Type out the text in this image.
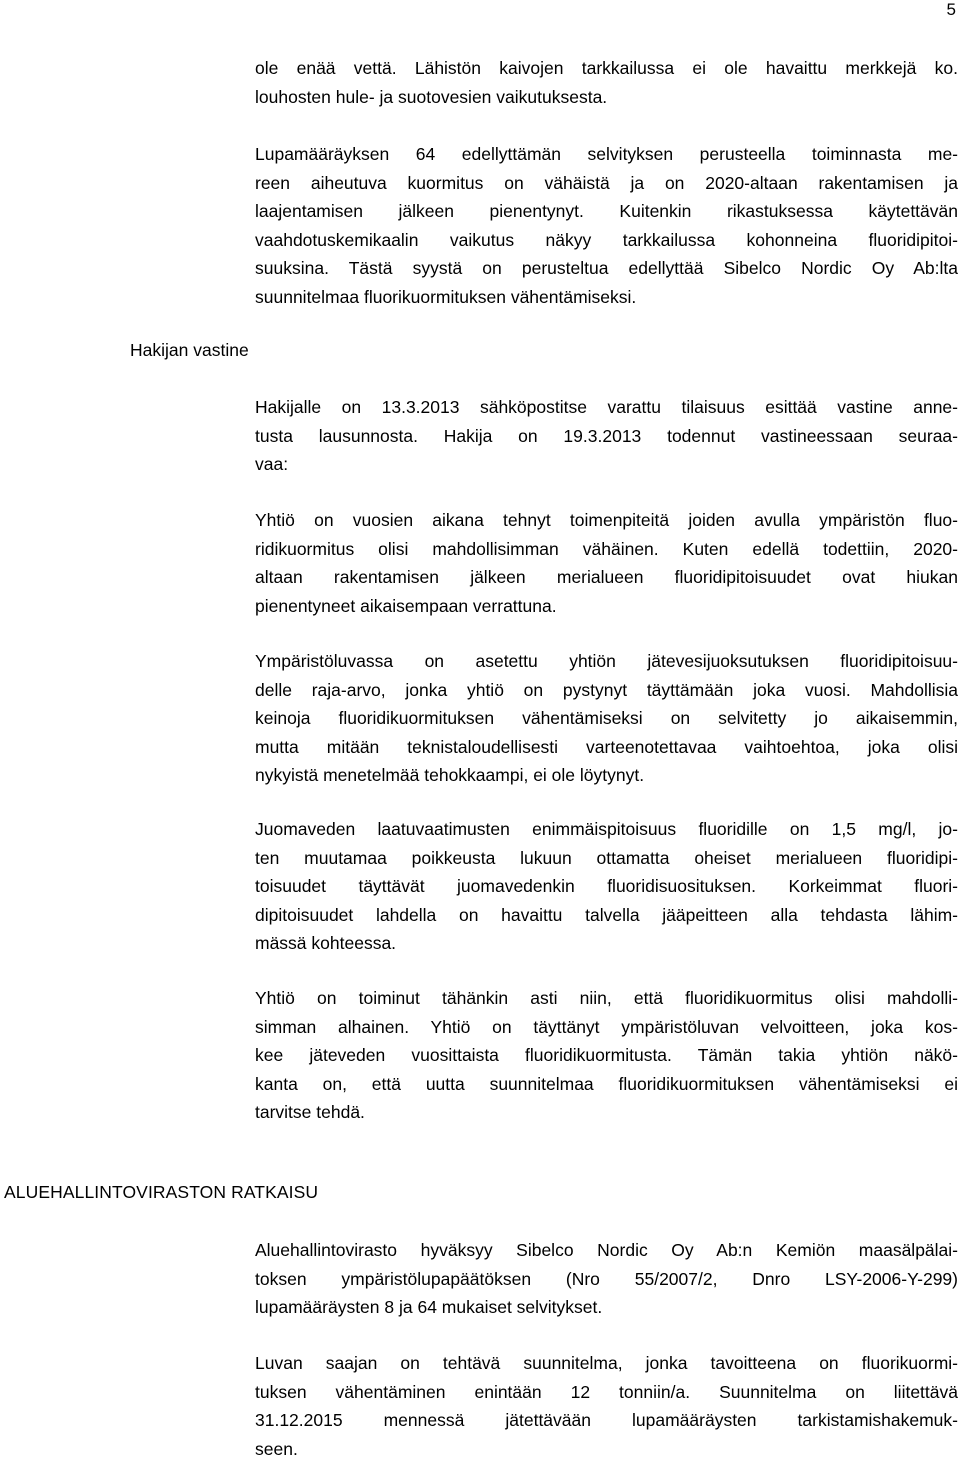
5
Hakijan vastine
ALUEHALLINTOVIRASTON RATKAISU

ole enää vettä. Lähistön kaivojen tarkkailussa ei ole havaittu merkkejä ko.
louhosten hule- ja suotovesien vaikutuksesta.

Lupamääräyksen 64 edellyttämän selvityksen perusteella toiminnasta me-
reen aiheutuva kuormitus on vähäistä ja on 2020-altaan rakentamisen ja
laajentamisen jälkeen pienentynyt. Kuitenkin rikastuksessa käytettävän
vaahdotuskemikaalin vaikutus näkyy tarkkailussa kohonneina fluoridipitoi-
suuksina. Tästä syystä on perusteltua edellyttää Sibelco Nordic Oy Ab:lta
suunnitelmaa fluorikuormituksen vähentämiseksi.

Hakijalle on 13.3.2013 sähköpostitse varattu tilaisuus esittää vastine anne-
tusta lausunnosta. Hakija on 19.3.2013 todennut vastineessaan seuraa-
vaa:

Yhtiö on vuosien aikana tehnyt toimenpiteitä joiden avulla ympäristön fluo-
ridikuormitus olisi mahdollisimman vähäinen. Kuten edellä todettiin, 2020-
altaan rakentamisen jälkeen merialueen fluoridipitoisuudet ovat hiukan
pienentyneet aikaisempaan verrattuna.

Ympäristöluvassa on asetettu yhtiön jätevesijuoksutuksen fluoridipitoisuu-
delle raja-arvo, jonka yhtiö on pystynyt täyttämään joka vuosi. Mahdollisia
keinoja fluoridikuormituksen vähentämiseksi on selvitetty jo aikaisemmin,
mutta mitään teknistaloudellisesti varteenotettavaa vaihtoehtoa, joka olisi
nykyistä menetelmää tehokkaampi, ei ole löytynyt.

Juomaveden laatuvaatimusten enimmäispitoisuus fluoridille on 1,5 mg/l, jo-
ten muutamaa poikkeusta lukuun ottamatta oheiset merialueen fluoridipi-
toisuudet täyttävät juomavedenkin fluoridisuosituksen. Korkeimmat fluori-
dipitoisuudet lahdella on havaittu talvella jääpeitteen alla tehdasta lähim-
mässä kohteessa.

Yhtiö on toiminut tähänkin asti niin, että fluoridikuormitus olisi mahdolli-
simman alhainen. Yhtiö on täyttänyt ympäristöluvan velvoitteen, joka kos-
kee jäteveden vuosittaista fluoridikuormitusta. Tämän takia yhtiön näkö-
kanta on, että uutta suunnitelmaa fluoridikuormituksen vähentämiseksi ei
tarvitse tehdä.

Aluehallintovirasto hyväksyy Sibelco Nordic Oy Ab:n Kemiön maasälpälai-
toksen ympäristölupapäätöksen (Nro 55/2007/2, Dnro LSY-2006-Y-299)
lupamääräysten 8 ja 64 mukaiset selvitykset.

Luvan saajan on tehtävä suunnitelma, jonka tavoitteena on fluorikuormi-
tuksen vähentäminen enintään 12 tonniin/a. Suunnitelma on liitettävä
31.12.2015 mennessä jätettävään lupamääräysten tarkistamishakemuk-
seen.
